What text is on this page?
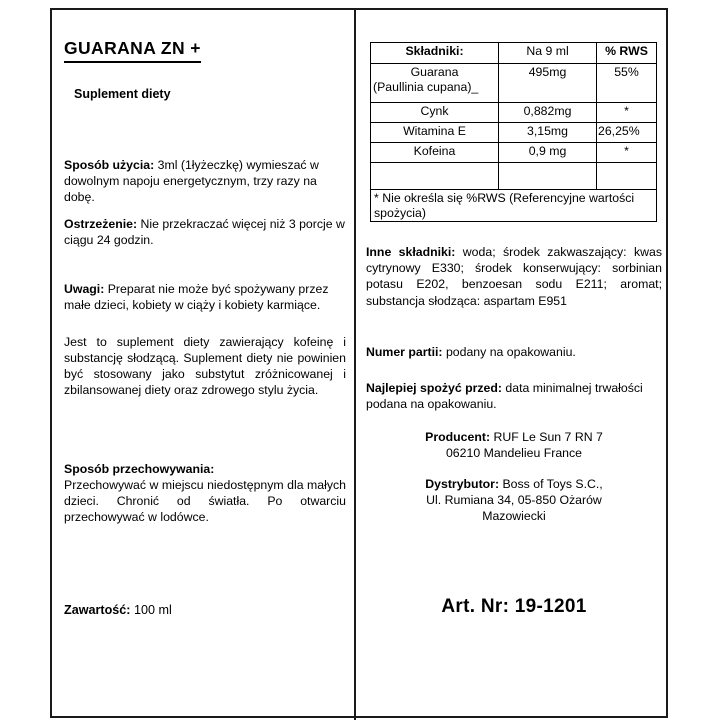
GUARANA ZN +
Suplement diety
Sposób użycia: 3ml (1łyżeczkę) wymieszać w dowolnym napoju energetycznym, trzy razy na dobę.
Ostrzeżenie: Nie przekraczać więcej niż 3 porcje w ciągu 24 godzin.
Uwagi: Preparat nie może być spożywany przez małe dzieci, kobiety w ciąży i kobiety karmiące.
Jest to suplement diety zawierający kofeinę i substancję słodzącą. Suplement diety nie powinien być stosowany jako substytut zróżnicowanej i zbilansowanej diety oraz zdrowego stylu życia.
Sposób przechowywania:
Przechowywać w miejscu niedostępnym dla małych dzieci. Chronić od światła. Po otwarciu przechowywać w lodówce.
Zawartość: 100 ml
Składniki:	Na 9 ml	% RWS

Guarana
(Paullinia cupana)_	495mg	55%
Cynk	0,882mg	*
Witamina E	3,15mg	26,25%
Kofeina	0,9 mg	*

* Nie określa się %RWS (Referencyjne wartości spożycia)		
Inne składniki: woda; środek zakwaszający: kwas cytrynowy E330; środek konserwujący: sorbinian potasu E202, benzoesan sodu E211; aromat; substancja słodząca: aspartam E951
Numer partii: podany na opakowaniu.
Najlepiej spożyć przed: data minimalnej trwałości podana na opakowaniu.
Producent: RUF Le Sun 7 RN 7
06210 Mandelieu France
Dystrybutor: Boss of Toys S.C.,
Ul. Rumiana 34, 05-850 Ożarów
Mazowiecki
Art. Nr: 19-1201
